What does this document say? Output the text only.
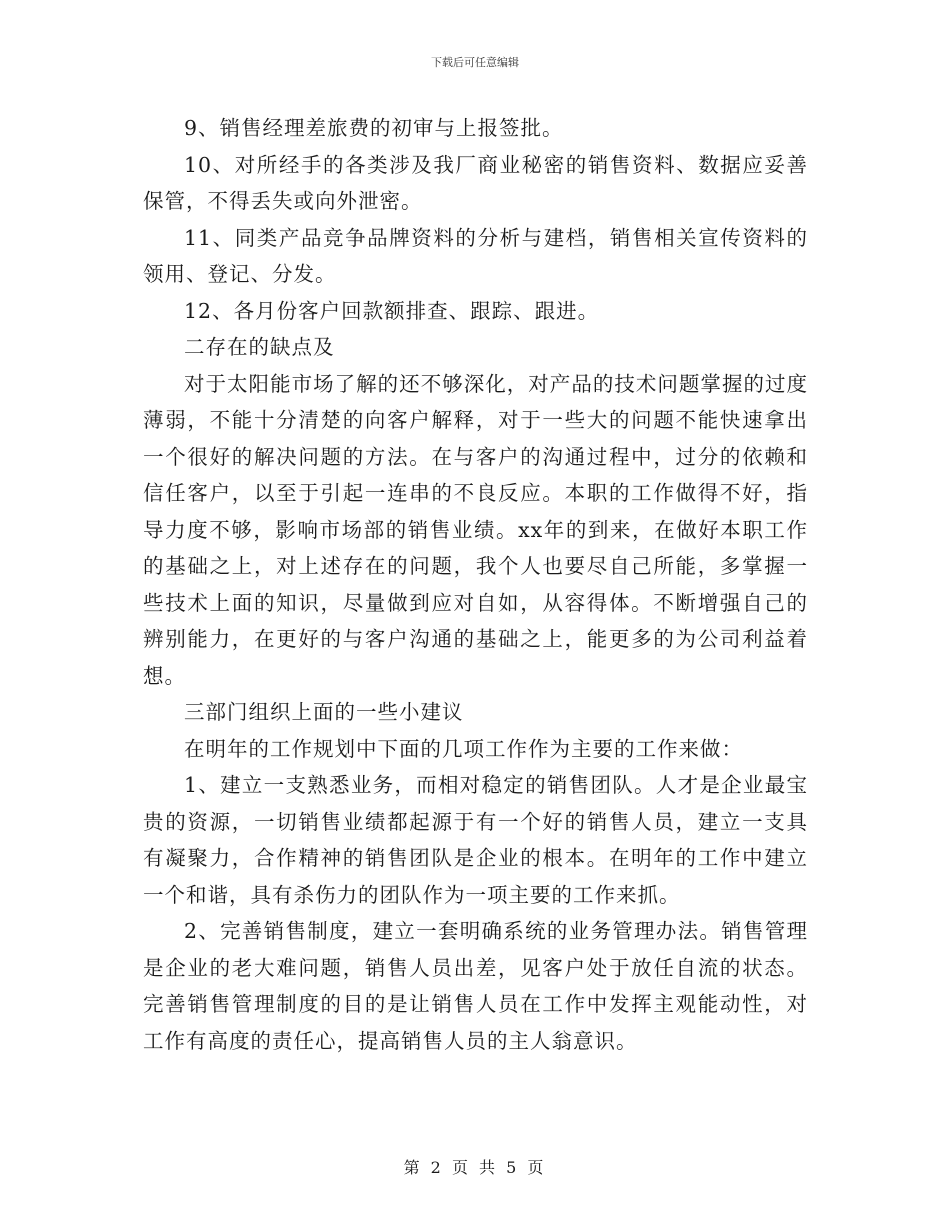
下载后可任意编辑

9、销售经理差旅费的初审与上报签批。

10、对所经手的各类涉及我厂商业秘密的销售资料、数据应妥善保管，不得丢失或向外泄密。

11、同类产品竞争品牌资料的分析与建档，销售相关宣传资料的领用、登记、分发。

12、各月份客户回款额排查、跟踪、跟进。

二存在的缺点及

对于太阳能市场了解的还不够深化，对产品的技术问题掌握的过度薄弱，不能十分清楚的向客户解释，对于一些大的问题不能快速拿出一个很好的解决问题的方法。在与客户的沟通过程中，过分的依赖和信任客户，以至于引起一连串的不良反应。本职的工作做得不好，指导力度不够，影响市场部的销售业绩。xx年的到来，在做好本职工作的基础之上，对上述存在的问题，我个人也要尽自己所能，多掌握一些技术上面的知识，尽量做到应对自如，从容得体。不断增强自己的辨别能力，在更好的与客户沟通的基础之上，能更多的为公司利益着想。

三部门组织上面的一些小建议

在明年的工作规划中下面的几项工作作为主要的工作来做：

1、建立一支熟悉业务，而相对稳定的销售团队。人才是企业最宝贵的资源，一切销售业绩都起源于有一个好的销售人员，建立一支具有凝聚力，合作精神的销售团队是企业的根本。在明年的工作中建立一个和谐，具有杀伤力的团队作为一项主要的工作来抓。

2、完善销售制度，建立一套明确系统的业务管理办法。销售管理是企业的老大难问题，销售人员出差，见客户处于放任自流的状态。完善销售管理制度的目的是让销售人员在工作中发挥主观能动性，对工作有高度的责任心，提高销售人员的主人翁意识。

第 2 页 共 5 页
